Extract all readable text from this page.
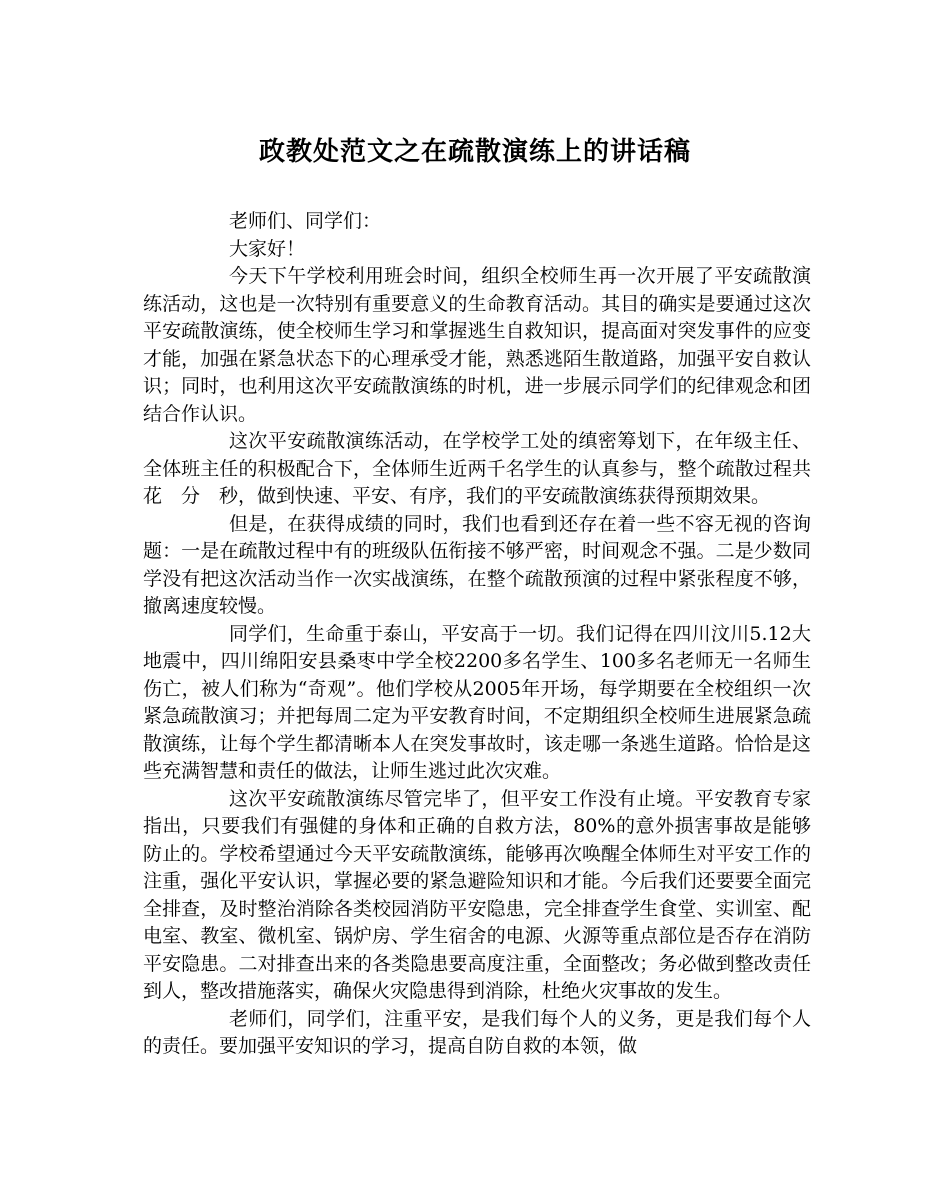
政教处范文之在疏散演练上的讲话稿

老师们、同学们：

大家好！

今天下午学校利用班会时间，组织全校师生再一次开展了平安疏散演练活动，这也是一次特别有重要意义的生命教育活动。其目的确实是要通过这次平安疏散演练，使全校师生学习和掌握逃生自救知识，提高面对突发事件的应变才能，加强在紧急状态下的心理承受才能，熟悉逃陌生散道路，加强平安自救认识；同时，也利用这次平安疏散演练的时机，进一步展示同学们的纪律观念和团结合作认识。

这次平安疏散演练活动，在学校学工处的缜密筹划下，在年级主任、全体班主任的积极配合下，全体师生近两千名学生的认真参与，整个疏散过程共花　分　秒，做到快速、平安、有序，我们的平安疏散演练获得预期效果。

但是，在获得成绩的同时，我们也看到还存在着一些不容无视的咨询题：一是在疏散过程中有的班级队伍衔接不够严密，时间观念不强。二是少数同学没有把这次活动当作一次实战演练，在整个疏散预演的过程中紧张程度不够，撤离速度较慢。

同学们，生命重于泰山，平安高于一切。我们记得在四川汶川5.12大地震中，四川绵阳安县桑枣中学全校2200多名学生、100多名老师无一名师生伤亡，被人们称为“奇观”。他们学校从2005年开场，每学期要在全校组织一次紧急疏散演习；并把每周二定为平安教育时间，不定期组织全校师生进展紧急疏散演练，让每个学生都清晰本人在突发事故时，该走哪一条逃生道路。恰恰是这些充满智慧和责任的做法，让师生逃过此次灾难。

这次平安疏散演练尽管完毕了，但平安工作没有止境。平安教育专家指出，只要我们有强健的身体和正确的自救方法，80%的意外损害事故是能够防止的。学校希望通过今天平安疏散演练，能够再次唤醒全体师生对平安工作的注重，强化平安认识，掌握必要的紧急避险知识和才能。今后我们还要要全面完全排查，及时整治消除各类校园消防平安隐患，完全排查学生食堂、实训室、配电室、教室、微机室、锅炉房、学生宿舍的电源、火源等重点部位是否存在消防平安隐患。二对排查出来的各类隐患要高度注重，全面整改；务必做到整改责任到人，整改措施落实，确保火灾隐患得到消除，杜绝火灾事故的发生。

老师们，同学们，注重平安，是我们每个人的义务，更是我们每个人的责任。要加强平安知识的学习，提高自防自救的本领，做
